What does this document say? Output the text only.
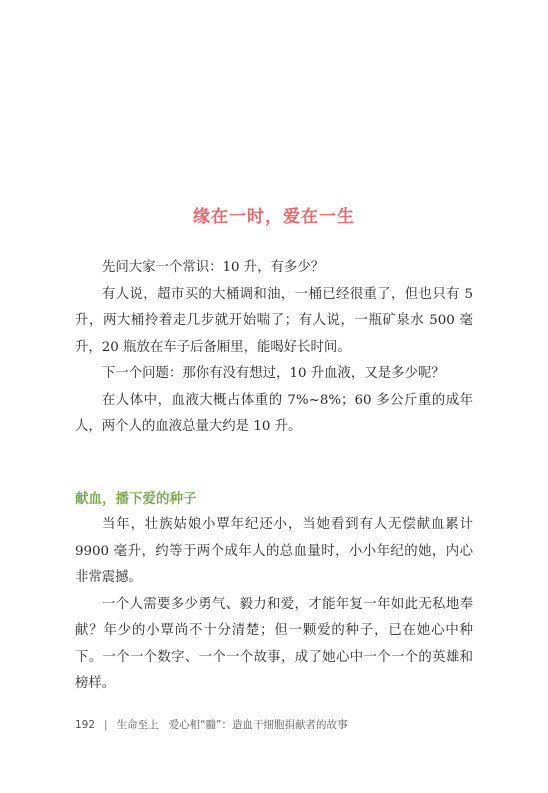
缘在一时，爱在一生

先问大家一个常识：10 升，有多少？

有人说，超市买的大桶调和油，一桶已经很重了，但也只有 5 升，两大桶拎着走几步就开始喘了；有人说，一瓶矿泉水 500 毫升，20 瓶放在车子后备厢里，能喝好长时间。

下一个问题：那你有没有想过，10 升血液，又是多少呢？

在人体中，血液大概占体重的 7%~8%；60 多公斤重的成年人，两个人的血液总量大约是 10 升。

献血，播下爱的种子

当年，壮族姑娘小覃年纪还小，当她看到有人无偿献血累计 9900 毫升，约等于两个成年人的总血量时，小小年纪的她，内心非常震撼。

一个人需要多少勇气、毅力和爱，才能年复一年如此无私地奉献？年少的小覃尚不十分清楚；但一颗爱的种子，已在她心中种下。一个一个数字、一个一个故事，成了她心中一个一个的英雄和榜样。

192 | 生命至上 爱心相“髓”：造血干细胞捐献者的故事
